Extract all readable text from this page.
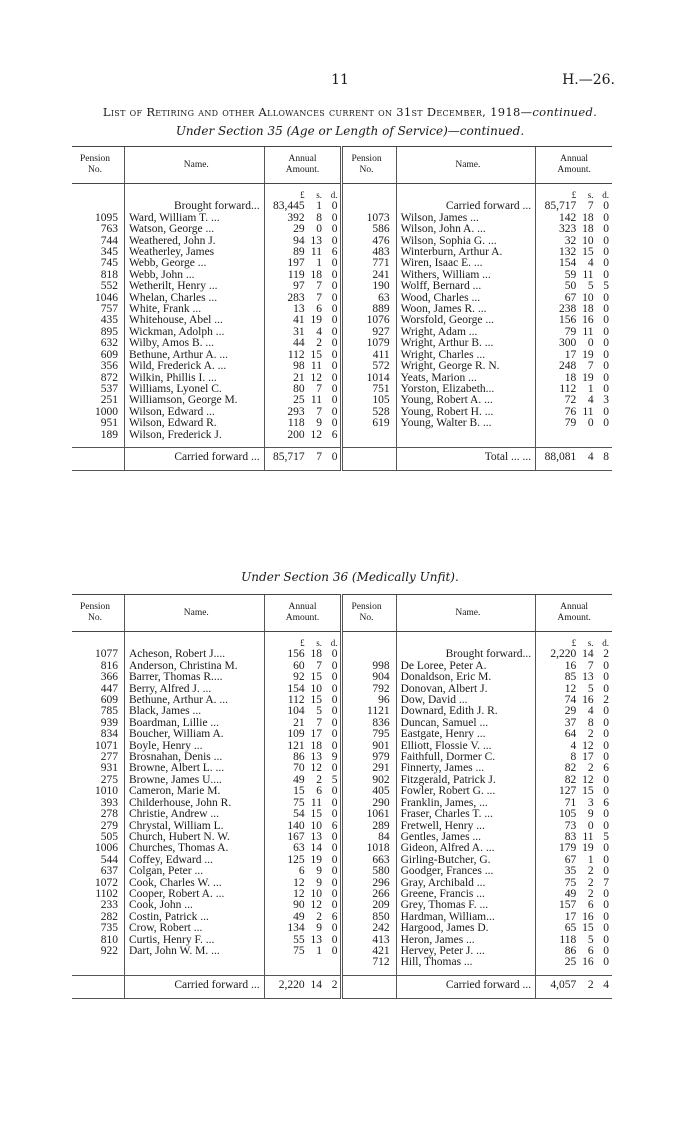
11	H.—26.
List of Retiring and other Allowances current on 31st December, 1918—continued.
Under Section 35 (Age or Length of Service)—continued.
Pension
No.	Name.	Annual
Amount.			Pension
No.	Name.	Annual
Amount.		

		£	s.	d.			£	s.	d.
	Brought forward...	83,445	1	0		Carried forward ...	85,717	7	0
1095	Ward, William T. ...	392	8	0	1073	Wilson, James ...	142	18	0
763	Watson, George ...	29	0	0	586	Wilson, John A. ...	323	18	0
744	Weathered, John J.	94	13	0	476	Wilson, Sophia G. ...	32	10	0
345	Weatherley, James	89	11	6	483	Winterburn, Arthur A.	132	15	0
745	Webb, George ...	197	1	0	771	Wiren, Isaac E. ...	154	4	0
818	Webb, John ...	119	18	0	241	Withers, William ...	59	11	0
552	Wetherilt, Henry ...	97	7	0	190	Wolff, Bernard ...	50	5	5
1046	Whelan, Charles ...	283	7	0	63	Wood, Charles ...	67	10	0
757	White, Frank ...	13	6	0	889	Woon, James R. ...	238	18	0
435	Whitehouse, Abel ...	41	19	0	1076	Worsfold, George ...	156	16	0
895	Wickman, Adolph ...	31	4	0	927	Wright, Adam ...	79	11	0
632	Wilby, Amos B. ...	44	2	0	1079	Wright, Arthur B. ...	300	0	0
609	Bethune, Arthur A. ...	112	15	0	411	Wright, Charles ...	17	19	0
356	Wild, Frederick A. ...	98	11	0	572	Wright, George R. N.	248	7	0
872	Wilkin, Phillis I. ...	21	12	0	1014	Yeats, Marion ...	18	19	0
537	Williams, Lyonel C.	80	7	0	751	Yorston, Elizabeth...	112	1	0
251	Williamson, George M.	25	11	0	105	Young, Robert A. ...	72	4	3
1000	Wilson, Edward ...	293	7	0	528	Young, Robert H. ...	76	11	0
951	Wilson, Edward R.	118	9	0	619	Young, Walter B. ...	79	0	0
189	Wilson, Frederick J.	200	12	6					

	Carried forward ...	85,717	7	0		Total ... ...	88,081	4	8

Under Section 36 (Medically Unfit).
Pension
No.	Name.	Annual
Amount.			Pension
No.	Name.	Annual
Amount.		

		£	s.	d.			£	s.	d.
1077	Acheson, Robert J....	156	18	0		Brought forward...	2,220	14	2
816	Anderson, Christina M.	60	7	0	998	De Loree, Peter A.	16	7	0
366	Barrer, Thomas R....	92	15	0	904	Donaldson, Eric M.	85	13	0
447	Berry, Alfred J. ...	154	10	0	792	Donovan, Albert J.	12	5	0
609	Bethune, Arthur A. ...	112	15	0	96	Dow, David ...	74	16	2
785	Black, James ...	104	5	0	1121	Downard, Edith J. R.	29	4	0
939	Boardman, Lillie ...	21	7	0	836	Duncan, Samuel ...	37	8	0
834	Boucher, William A.	109	17	0	795	Eastgate, Henry ...	64	2	0
1071	Boyle, Henry ...	121	18	0	901	Elliott, Flossie V. ...	4	12	0
277	Brosnahan, Denis ...	86	13	9	979	Faithfull, Dormer C.	8	17	0
931	Browne, Albert L. ...	70	12	0	291	Finnerty, James ...	82	2	6
275	Browne, James U....	49	2	5	902	Fitzgerald, Patrick J.	82	12	0
1010	Cameron, Marie M.	15	6	0	405	Fowler, Robert G. ...	127	15	0
393	Childerhouse, John R.	75	11	0	290	Franklin, James, ...	71	3	6
278	Christie, Andrew ...	54	15	0	1061	Fraser, Charles T. ...	105	9	0
279	Chrystal, William L.	140	10	6	289	Fretwell, Henry ...	73	0	0
505	Church, Hubert N. W.	167	13	0	84	Gentles, James ...	83	11	5
1006	Churches, Thomas A.	63	14	0	1018	Gideon, Alfred A. ...	179	19	0
544	Coffey, Edward ...	125	19	0	663	Girling-Butcher, G.	67	1	0
637	Colgan, Peter ...	6	9	0	580	Goodger, Frances ...	35	2	0
1072	Cook, Charles W. ...	12	9	0	296	Gray, Archibald ...	75	2	7
1102	Cooper, Robert A. ...	12	10	0	266	Greene, Francis ...	49	2	0
233	Cook, John ...	90	12	0	209	Grey, Thomas F. ...	157	6	0
282	Costin, Patrick ...	49	2	6	850	Hardman, William...	17	16	0
735	Crow, Robert ...	134	9	0	242	Hargood, James D.	65	15	0
810	Curtis, Henry F. ...	55	13	0	413	Heron, James ...	118	5	0
922	Dart, John W. M. ...	75	1	0	421	Hervey, Peter J. ...	86	6	0
					712	Hill, Thomas ...	25	16	0

	Carried forward ...	2,220	14	2		Carried forward ...	4,057	2	4
